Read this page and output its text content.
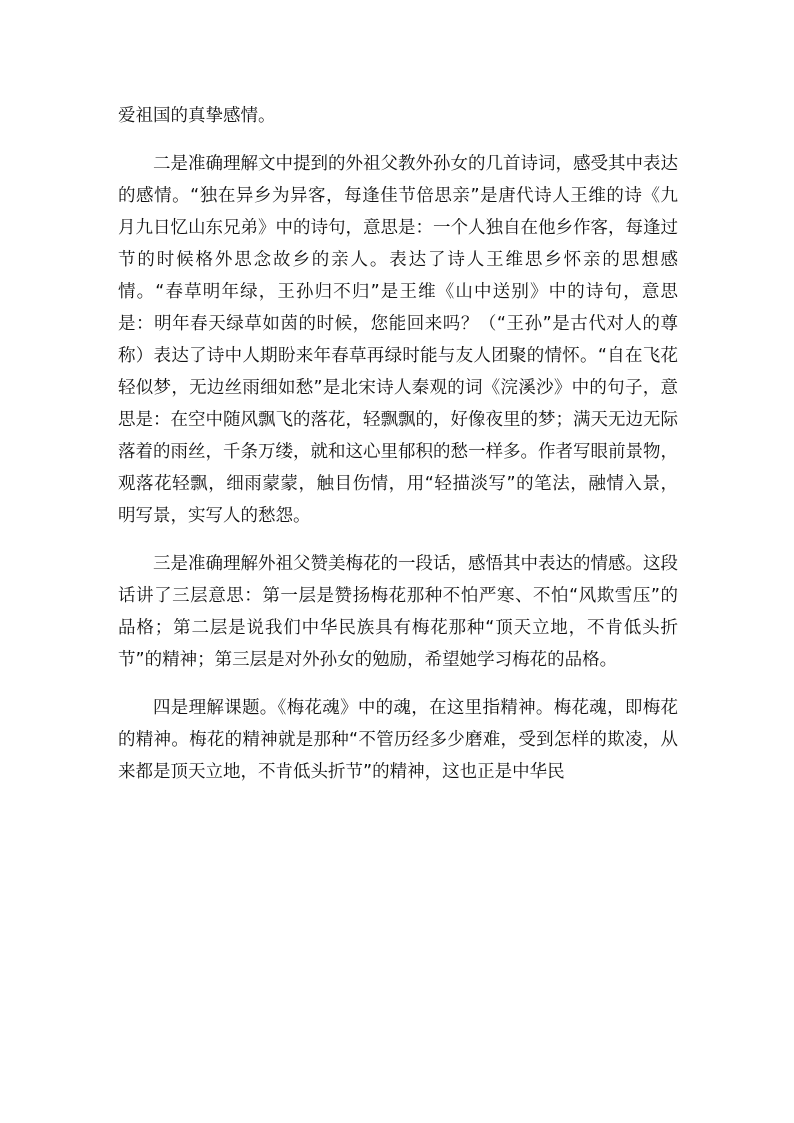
爱祖国的真挚感情。

二是准确理解文中提到的外祖父教外孙女的几首诗词，感受其中表达的感情。“独在异乡为异客，每逢佳节倍思亲”是唐代诗人王维的诗《九月九日忆山东兄弟》中的诗句，意思是：一个人独自在他乡作客，每逢过节的时候格外思念故乡的亲人。表达了诗人王维思乡怀亲的思想感情。“春草明年绿，王孙归不归”是王维《山中送别》中的诗句，意思是：明年春天绿草如茵的时候，您能回来吗？（“王孙”是古代对人的尊称）表达了诗中人期盼来年春草再绿时能与友人团聚的情怀。“自在飞花轻似梦，无边丝雨细如愁”是北宋诗人秦观的词《浣溪沙》中的句子，意思是：在空中随风飘飞的落花，轻飘飘的，好像夜里的梦；满天无边无际落着的雨丝，千条万缕，就和这心里郁积的愁一样多。作者写眼前景物，观落花轻飘，细雨蒙蒙，触目伤情，用“轻描淡写”的笔法，融情入景，明写景，实写人的愁怨。

三是准确理解外祖父赞美梅花的一段话，感悟其中表达的情感。这段话讲了三层意思：第一层是赞扬梅花那种不怕严寒、不怕“风欺雪压”的品格；第二层是说我们中华民族具有梅花那种“顶天立地，不肯低头折节”的精神；第三层是对外孙女的勉励，希望她学习梅花的品格。

四是理解课题。《梅花魂》中的魂，在这里指精神。梅花魂，即梅花的精神。梅花的精神就是那种“不管历经多少磨难，受到怎样的欺凌，从来都是顶天立地，不肯低头折节”的精神，这也正是中华民
